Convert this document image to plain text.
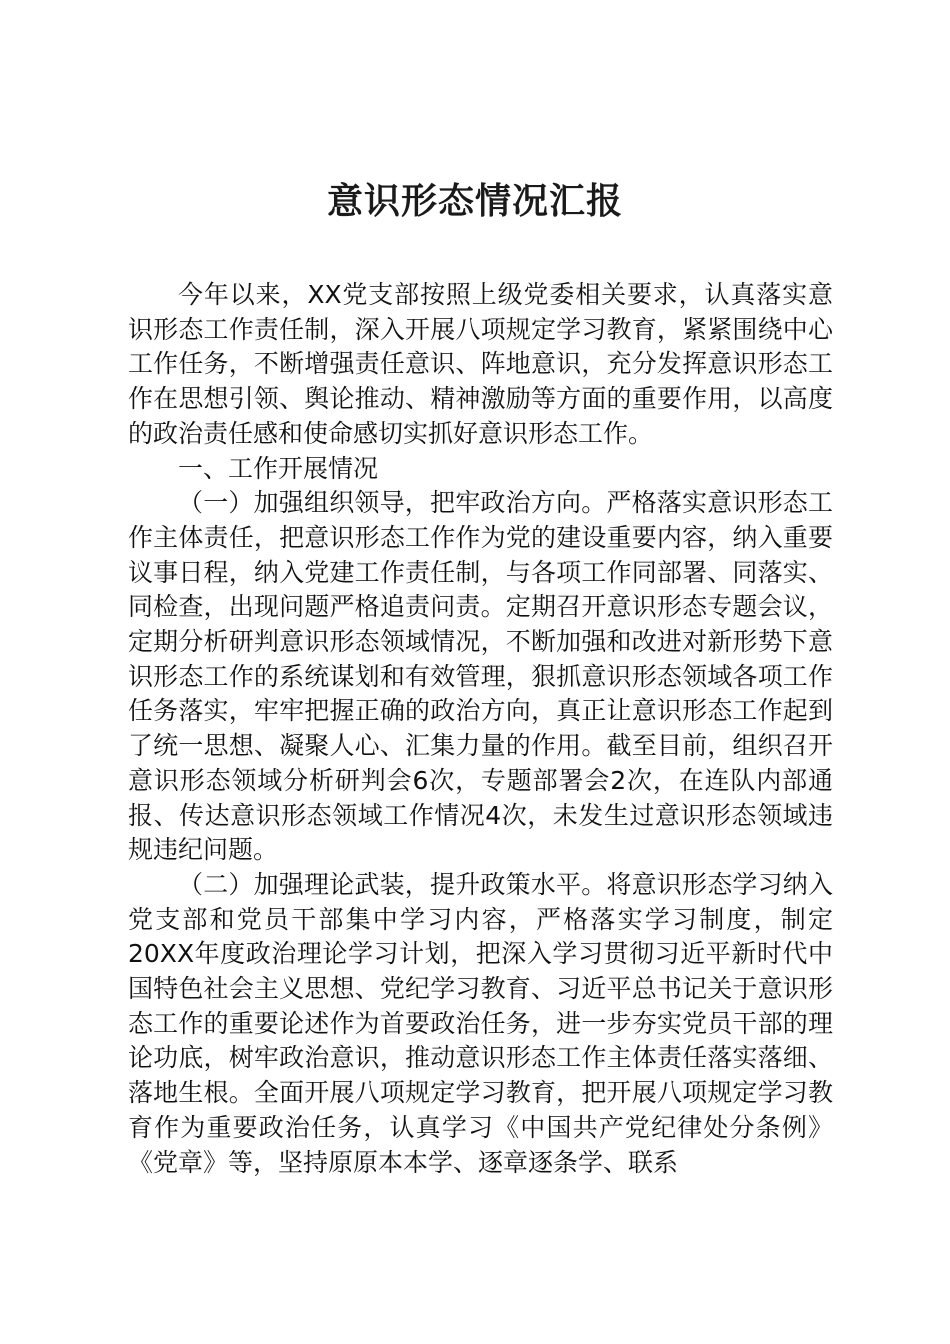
意识形态情况汇报

今年以来，XX党支部按照上级党委相关要求，认真落实意识形态工作责任制，深入开展八项规定学习教育，紧紧围绕中心工作任务，不断增强责任意识、阵地意识，充分发挥意识形态工作在思想引领、舆论推动、精神激励等方面的重要作用，以高度的政治责任感和使命感切实抓好意识形态工作。

一、工作开展情况

（一）加强组织领导，把牢政治方向。严格落实意识形态工作主体责任，把意识形态工作作为党的建设重要内容，纳入重要议事日程，纳入党建工作责任制，与各项工作同部署、同落实、同检查，出现问题严格追责问责。定期召开意识形态专题会议，定期分析研判意识形态领域情况，不断加强和改进对新形势下意识形态工作的系统谋划和有效管理，狠抓意识形态领域各项工作任务落实，牢牢把握正确的政治方向，真正让意识形态工作起到了统一思想、凝聚人心、汇集力量的作用。截至目前，组织召开意识形态领域分析研判会6次，专题部署会2次，在连队内部通报、传达意识形态领域工作情况4次，未发生过意识形态领域违规违纪问题。

（二）加强理论武装，提升政策水平。将意识形态学习纳入党支部和党员干部集中学习内容，严格落实学习制度，制定20XX年度政治理论学习计划，把深入学习贯彻习近平新时代中国特色社会主义思想、党纪学习教育、习近平总书记关于意识形态工作的重要论述作为首要政治任务，进一步夯实党员干部的理论功底，树牢政治意识，推动意识形态工作主体责任落实落细、落地生根。全面开展八项规定学习教育，把开展八项规定学习教育作为重要政治任务，认真学习《中国共产党纪律处分条例》《党章》等，坚持原原本本学、逐章逐条学、联系
